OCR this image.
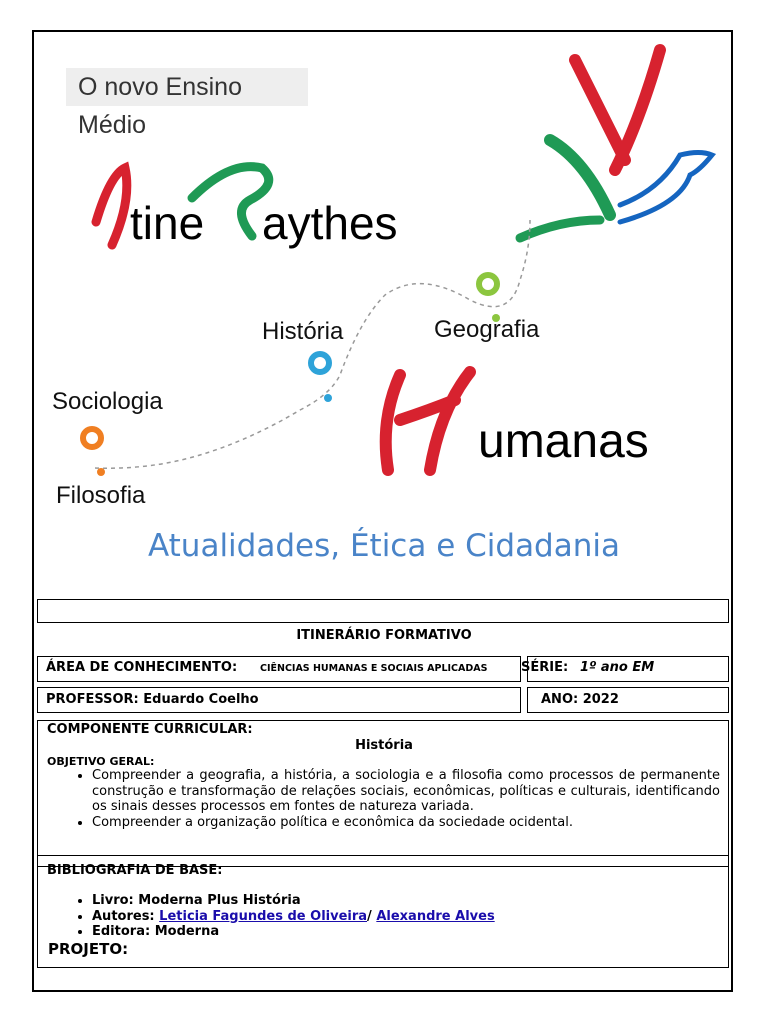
O novo Ensino Médio
tine aythes
História	Geografia
Sociologia
Filosofia
umanas
Atualidades, Ética e Cidadania
ITINERÁRIO FORMATIVO
ÁREA DE CONHECIMENTO: CIÊNCIAS HUMANAS E SOCIAIS APLICADAS	SÉRIE: 1º ano EM
PROFESSOR: Eduardo Coelho	ANO: 2022
COMPONENTE CURRICULAR:
História
OBJETIVO GERAL:
• Compreender a geografia, a história, a sociologia e a filosofia como processos de permanente construção e transformação de relações sociais, econômicas, políticas e culturais, identificando os sinais desses processos em fontes de natureza variada.
• Compreender a organização política e econômica da sociedade ocidental.
BIBLIOGRAFIA DE BASE:
• Livro: Moderna Plus História
• Autores: Leticia Fagundes de Oliveira/ Alexandre Alves
• Editora: Moderna
PROJETO:
